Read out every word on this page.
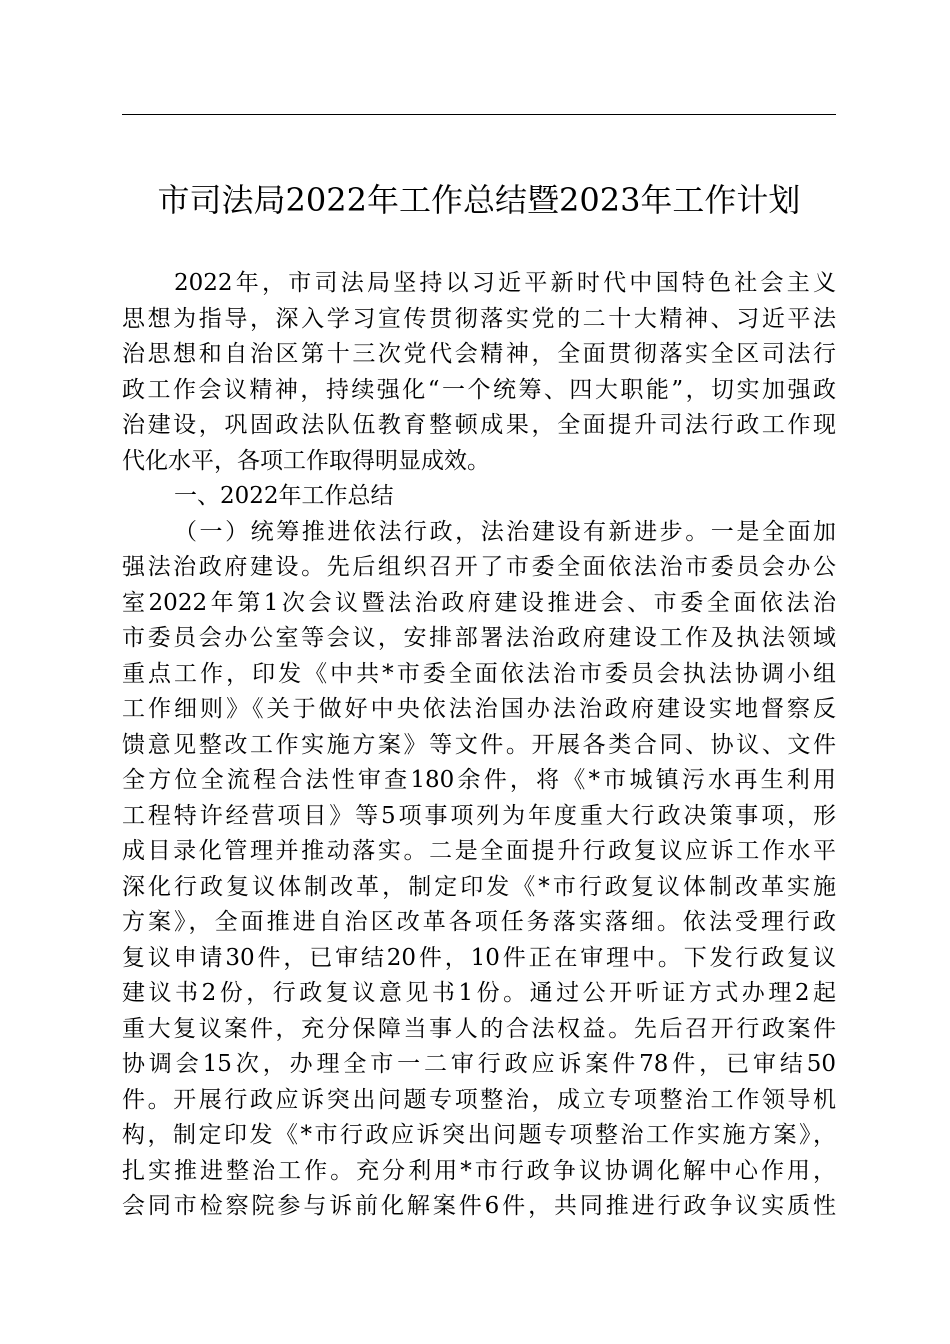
市司法局2022年工作总结暨2023年工作计划
2022年，市司法局坚持以习近平新时代中国特色社会主义
思想为指导，深入学习宣传贯彻落实党的二十大精神、习近平法
治思想和自治区第十三次党代会精神，全面贯彻落实全区司法行
政工作会议精神，持续强化“一个统筹、四大职能”，切实加强政
治建设，巩固政法队伍教育整顿成果，全面提升司法行政工作现
代化水平，各项工作取得明显成效。
一、2022年工作总结
（一）统筹推进依法行政，法治建设有新进步。一是全面加
强法治政府建设。先后组织召开了市委全面依法治市委员会办公
室2022年第1次会议暨法治政府建设推进会、市委全面依法治
市委员会办公室等会议，安排部署法治政府建设工作及执法领域
重点工作，印发《中共*市委全面依法治市委员会执法协调小组
工作细则》《关于做好中央依法治国办法治政府建设实地督察反
馈意见整改工作实施方案》等文件。开展各类合同、协议、文件
全方位全流程合法性审查180余件，将《*市城镇污水再生利用
工程特许经营项目》等5项事项列为年度重大行政决策事项，形
成目录化管理并推动落实。二是全面提升行政复议应诉工作水平
深化行政复议体制改革，制定印发《*市行政复议体制改革实施
方案》，全面推进自治区改革各项任务落实落细。依法受理行政
复议申请30件，已审结20件，10件正在审理中。下发行政复议
建议书2份，行政复议意见书1份。通过公开听证方式办理2起
重大复议案件，充分保障当事人的合法权益。先后召开行政案件
协调会15次，办理全市一二审行政应诉案件78件，已审结50
件。开展行政应诉突出问题专项整治，成立专项整治工作领导机
构，制定印发《*市行政应诉突出问题专项整治工作实施方案》，
扎实推进整治工作。充分利用*市行政争议协调化解中心作用，
会同市检察院参与诉前化解案件6件，共同推进行政争议实质性
